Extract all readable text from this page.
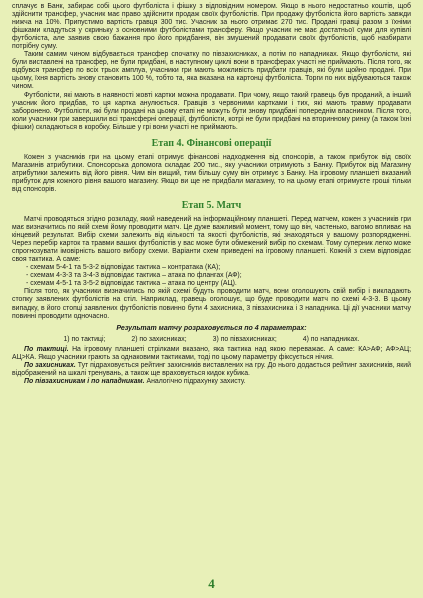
сплачує в Банк, забирає собі цього футболіста і фішку з відповідним номером. Якщо в нього недостатньо коштів, щоб здійснити трансфер, учасник має право здійснити продаж своїх футболістів. При продажу футболіста його вартість завжди нижча на 10%. Припустимо вартість гравця 300 тис. Учасник за нього отримає 270 тис. Продані гравці разом з їхніми фішками кладуться у скриньку з основними футболістами трансферу. Якщо учасник не має достатньої суми для купівлі футболіста, але заявив свою бажання про його придбання, він змушений продавати своїх футболістів, щоб назбирати потрібну суму.

Таким самим чином відбувається трансфер спочатку по півзахисниках, а потім по нападниках. Якщо футболісти, які були виставлені на трансфер, не були придбані, в наступному циклі вони в трансферах участі не приймають. Після того, як відбувся трансфер по всіх трьох амплуа, учасники гри мають можливість придбати гравців, які були щойно продані. При цьому, їхня вартість знову становить 100 %, тобто та, яка вказана на картонці футболіста. Торги по них відбуваються також чином.

Футболісти, які мають в наявності жовті картки можна продавати. При чому, якщо такий гравець був проданий, а інший учасник його придбав, то ця картка анулюється. Гравців з червоними картками і тих, які мають травму продавати заборонено. Футболісти, які були продані на цьому етапі не можуть бути знову придбані попереднім власником. Після того, коли учасники гри завершили всі трансферні операції, футболісти, котрі не були придбані на вторинному ринку (а також їхні фішки) складаються в коробку. Більше у грі вони участі не приймають.

Етап 4. Фінансові операції

Кожен з учасників гри на цьому етапі отримує фінансові надходження від спонсорів, а також прибуток від своїх Магазинів атрибутики. Спонсорська допомога складає 200 тис., яку учасники отримують з Банку. Прибуток від Магазину атрибутики залежить від його рівня. Чим він вищий, тим більшу суму він отримує з Банку. На ігровому планшеті вказаний прибуток для кожного рівня вашого магазину. Якщо ви ще не придбали магазину, то на цьому етапі отримуєте гроші тільки від спонсорів.

Етап 5. Матч

Матчі проводяться згідно розкладу, який наведений на інформаційному планшеті. Перед матчем, кожен з учасників гри має визначитись по якій схемі йому проводити матч. Це дуже важливий момент, тому що він, частенько, вагомо впливає на кінцевий результат. Вибір схеми залежить від кількості та якості футболістів, які знаходяться у вашому розпорядженні. Через перебір карток та травми ваших футболістів у вас може бути обмежений вибір по схемам. Тому суперник легко може спрогнозувати імовірність вашого вибору схеми. Варіанти схем приведені на ігровому планшеті. Кожній з схем відповідає своя тактика. А саме:

- схемам 5-4-1 та 5-3-2 відповідає тактика – контратака (КА);
- схемам 4-3-3 та 3-4-3 відповідає тактика – атака по флангах (АФ);
- схемам 4-5-1 та 3-5-2 відповідає тактика – атака по центру (АЦ).

Після того, як учасники визначились по якій схемі будуть проводити матч, вони оголошують свій вибір і викладають стопку заявлених футболістів на стіл. Наприклад, гравець оголошує, що буде проводити матч по схемі 4-3-3. В цьому випадку, в його стопці заявлених футболістів повинно бути 4 захисника, 3 півзахисника і 3 нападника. Ці дії учасники матчу повинні проводити одночасно.

Результат матчу розраховується по 4 параметрах:
1) по тактиці;	2) по захисниках;	3) по півзахисниках;	4) по нападниках.

По тактиці. На ігровому планшеті стрілками вказано, яка тактика над якою переважає. А саме: КА>АФ; АФ>АЦ; АЦ>КА. Якщо учасники грають за однаковими тактиками, тоді по цьому параметру фіксується нічия.

По захисниках. Тут підраховується рейтинг захисників виставлених на гру. До нього додається рейтинг захисників, який відображений на шкалі тренувань, а також ще враховується кидок кубика.

По півзахисникам і по нападникам. Аналогічно підрахунку захисту.

4
